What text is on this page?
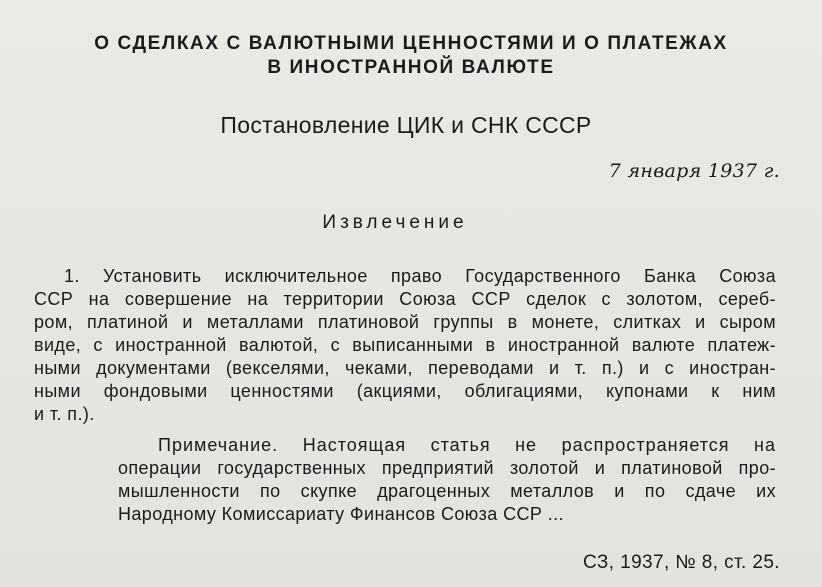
О СДЕЛКАХ С ВАЛЮТНЫМИ ЦЕННОСТЯМИ И О ПЛАТЕЖАХ
В ИНОСТРАННОЙ ВАЛЮТЕ
Постановление ЦИК и СНК СССР
7 января 1937 г.
Извлечение
1. Установить исключительное право Государственного Банка Союза
ССР на совершение на территории Союза ССР сделок с золотом, сереб-
ром, платиной и металлами платиновой группы в монете, слитках и сыром
виде, с иностранной валютой, с выписанными в иностранной валюте платеж-
ными документами (векселями, чеками, переводами и т. п.) и с иностран-
ными фондовыми ценностями (акциями, облигациями, купонами к ним
и т. п.).
Примечание. Настоящая статья не распространяется на
операции государственных предприятий золотой и платиновой про-
мышленности по скупке драгоценных металлов и по сдаче их
Народному Комиссариату Финансов Союза ССР ...
СЗ, 1937, № 8, ст. 25.
